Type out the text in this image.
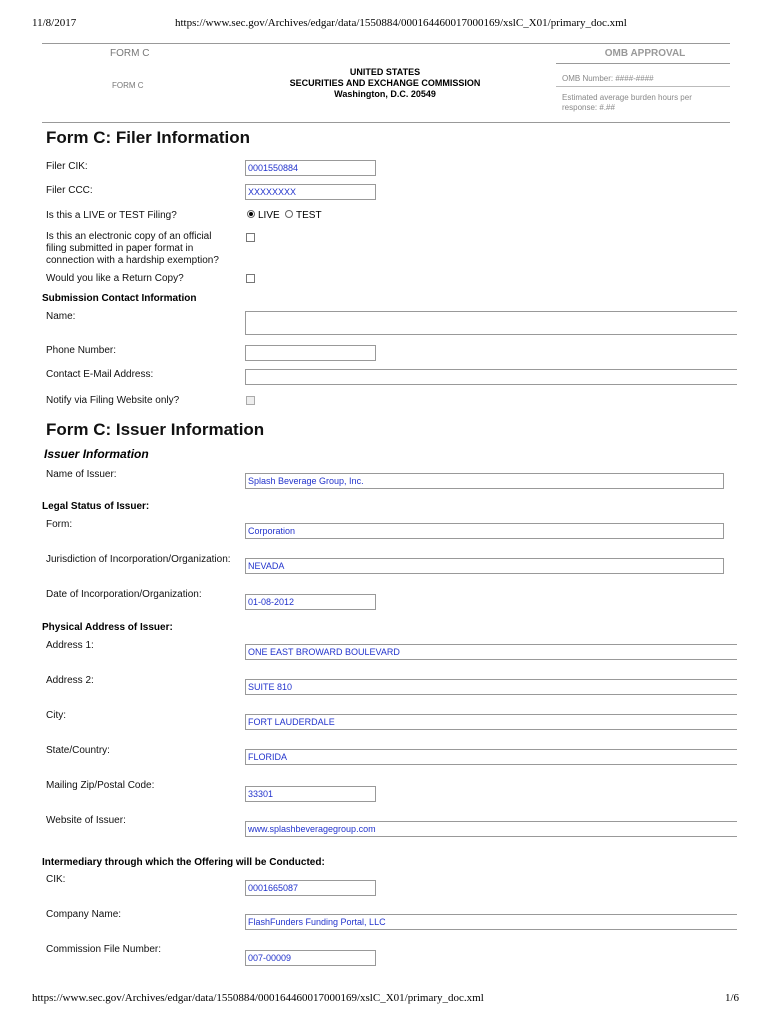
11/8/2017	https://www.sec.gov/Archives/edgar/data/1550884/000164460017000169/xslC_X01/primary_doc.xml
https://www.sec.gov/Archives/edgar/data/1550884/000164460017000169/xslC_X01/primary_doc.xml	1/6
FORM C
FORM C
UNITED STATES
SECURITIES AND EXCHANGE COMMISSION
Washington, D.C. 20549
OMB APPROVAL
OMB Number: ####-####
Estimated average burden hours per response: #.##
Form C: Filer Information
Filer CIK:	0001550884
Filer CCC:	XXXXXXXX
Is this a LIVE or TEST Filing?	LIVE TEST
Is this an electronic copy of an official
filing submitted in paper format in
connection with a hardship exemption?
Would you like a Return Copy?
Submission Contact Information
Name:
Phone Number:
Contact E-Mail Address:
Notify via Filing Website only?
Form C: Issuer Information
Issuer Information
Name of Issuer:
Splash Beverage Group, Inc.
Legal Status of Issuer:
Form:
Corporation
Jurisdiction of Incorporation/Organization:
NEVADA
Date of Incorporation/Organization:
01-08-2012
Physical Address of Issuer:
Address 1:
ONE EAST BROWARD BOULEVARD
Address 2:
SUITE 810
City:
FORT LAUDERDALE
State/Country:
FLORIDA
Mailing Zip/Postal Code:
33301
Website of Issuer:
www.splashbeveragegroup.com
Intermediary through which the Offering will be Conducted:
CIK:
0001665087
Company Name:
FlashFunders Funding Portal, LLC
Commission File Number:
007-00009
